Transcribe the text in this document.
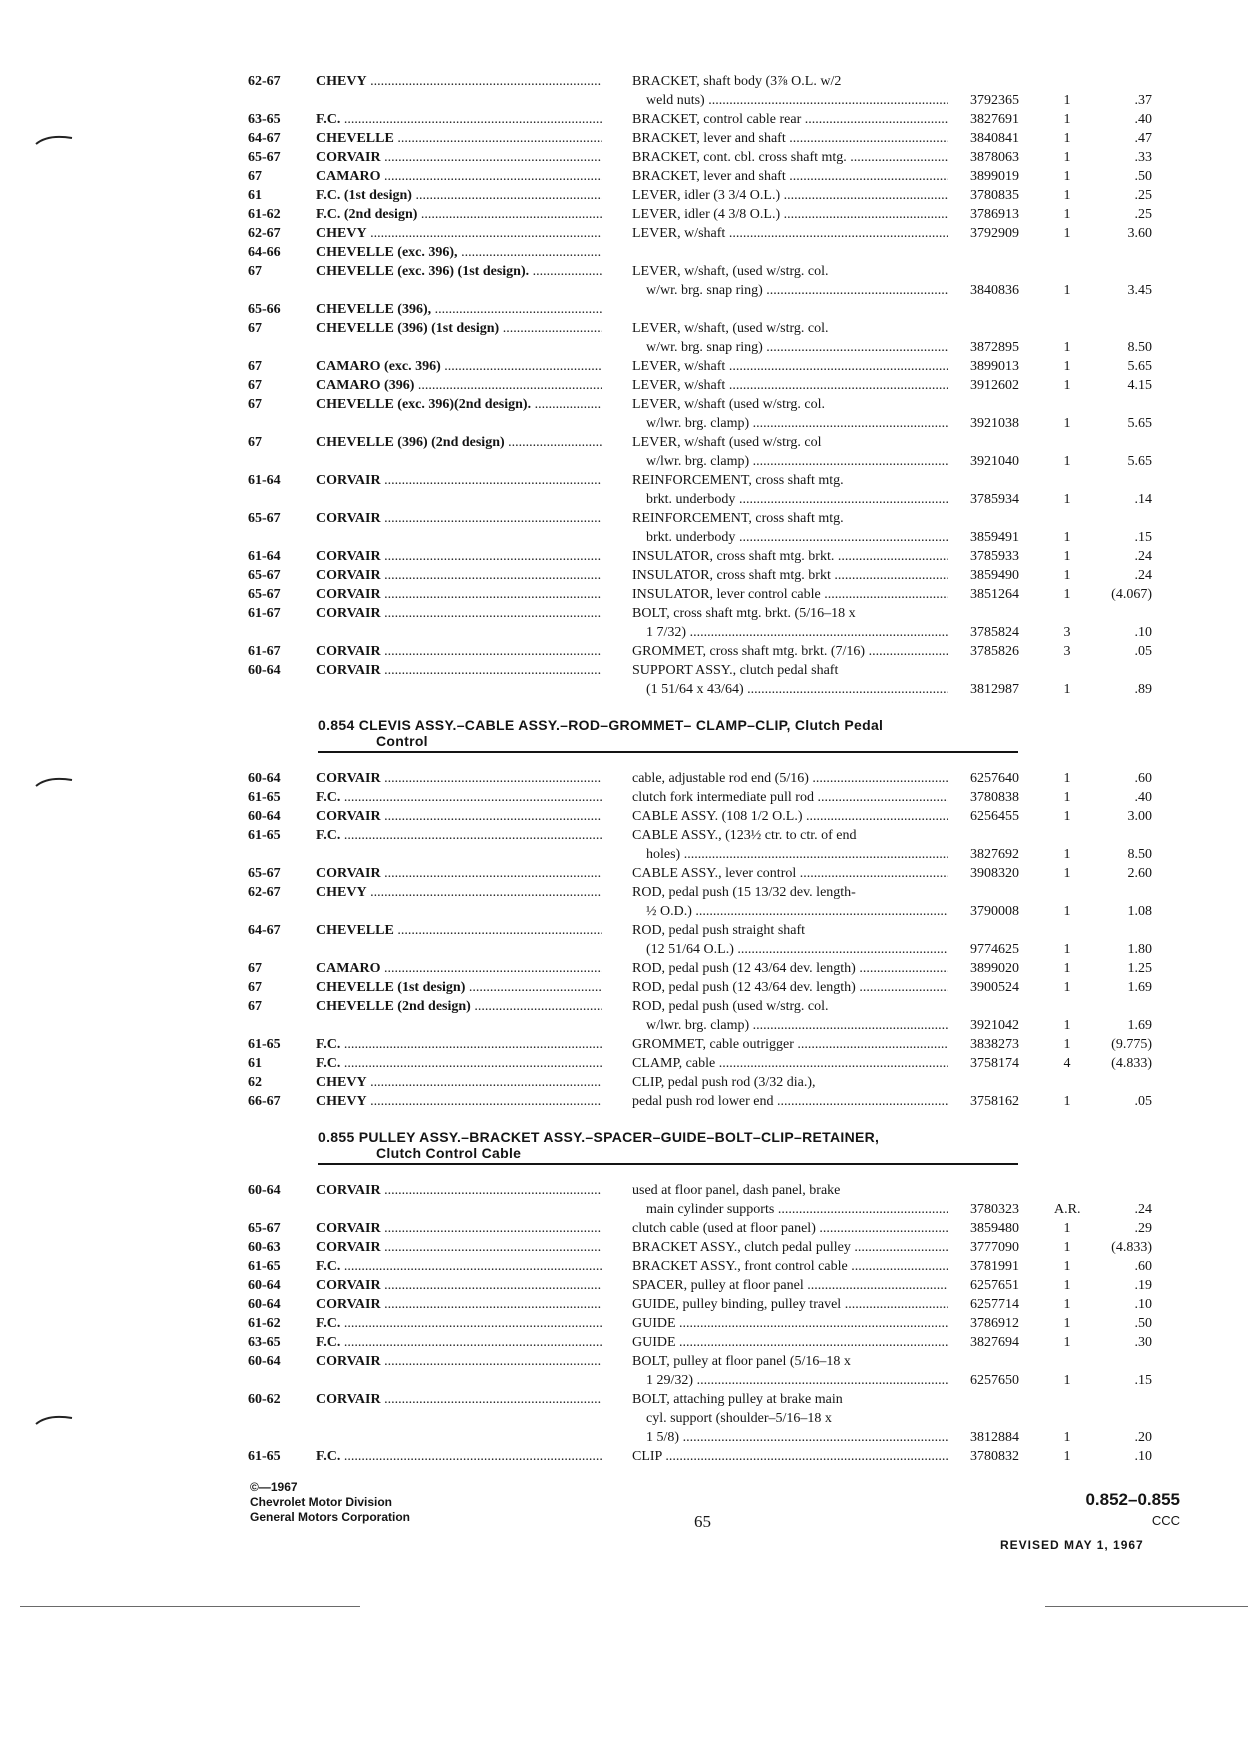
62-67	CHEVY .....	BRACKET, shaft body (3⅞ O.L. w/2
weld nuts) .....	3792365	1	.37
63-65	F.C. .....	BRACKET, control cable rear .....	3827691	1	.40
64-67	CHEVELLE .....	BRACKET, lever and shaft .....	3840841	1	.47
65-67	CORVAIR .....	BRACKET, cont. cbl. cross shaft mtg. .....	3878063	1	.33
67	CAMARO .....	BRACKET, lever and shaft .....	3899019	1	.50
61	F.C. (1st design) .....	LEVER, idler (3 3/4 O.L.) .....	3780835	1	.25
61-62	F.C. (2nd design) .....	LEVER, idler (4 3/8 O.L.) .....	3786913	1	.25
62-67	CHEVY .....	LEVER, w/shaft .....	3792909	1	3.60
64-66	CHEVELLE (exc. 396), .....
67	CHEVELLE (exc. 396) (1st design). .....	LEVER, w/shaft, (used w/strg. col.
w/wr. brg. snap ring) .....	3840836	1	3.45
65-66	CHEVELLE (396), .....
67	CHEVELLE (396) (1st design) .....	LEVER, w/shaft, (used w/strg. col.
w/wr. brg. snap ring) .....	3872895	1	8.50
67	CAMARO (exc. 396) .....	LEVER, w/shaft .....	3899013	1	5.65
67	CAMARO (396) .....	LEVER, w/shaft .....	3912602	1	4.15
67	CHEVELLE (exc. 396)(2nd design). .....	LEVER, w/shaft (used w/strg. col.
w/lwr. brg. clamp) .....	3921038	1	5.65
67	CHEVELLE (396) (2nd design) .....	LEVER, w/shaft (used w/strg. col
w/lwr. brg. clamp) .....	3921040	1	5.65
61-64	CORVAIR .....	REINFORCEMENT, cross shaft mtg.
brkt. underbody .....	3785934	1	.14
65-67	CORVAIR .....	REINFORCEMENT, cross shaft mtg.
brkt. underbody .....	3859491	1	.15
61-64	CORVAIR .....	INSULATOR, cross shaft mtg. brkt. .....	3785933	1	.24
65-67	CORVAIR .....	INSULATOR, cross shaft mtg. brkt .....	3859490	1	.24
65-67	CORVAIR .....	INSULATOR, lever control cable .....	3851264	1	(4.067)
61-67	CORVAIR .....	BOLT, cross shaft mtg. brkt. (5/16–18 x
1 7/32) .....	3785824	3	.10
61-67	CORVAIR .....	GROMMET, cross shaft mtg. brkt. (7/16) .....	3785826	3	.05
60-64	CORVAIR .....	SUPPORT ASSY., clutch pedal shaft
(1 51/64 x 43/64) .....	3812987	1	.89
0.854 CLEVIS ASSY.–CABLE ASSY.–ROD–GROMMET– CLAMP–CLIP, Clutch Pedal
Control
60-64	CORVAIR .....	cable, adjustable rod end (5/16) .....	6257640	1	.60
61-65	F.C. .....	clutch fork intermediate pull rod .....	3780838	1	.40
60-64	CORVAIR .....	CABLE ASSY. (108 1/2 O.L.) .....	6256455	1	3.00
61-65	F.C. .....	CABLE ASSY., (123½ ctr. to ctr. of end
holes) .....	3827692	1	8.50
65-67	CORVAIR .....	CABLE ASSY., lever control .....	3908320	1	2.60
62-67	CHEVY .....	ROD, pedal push (15 13/32 dev. length-
½ O.D.) .....	3790008	1	1.08
64-67	CHEVELLE .....	ROD, pedal push straight shaft
(12 51/64 O.L.) .....	9774625	1	1.80
67	CAMARO .....	ROD, pedal push (12 43/64 dev. length) .....	3899020	1	1.25
67	CHEVELLE (1st design) .....	ROD, pedal push (12 43/64 dev. length) .....	3900524	1	1.69
67	CHEVELLE (2nd design) .....	ROD, pedal push (used w/strg. col.
w/lwr. brg. clamp) .....	3921042	1	1.69
61-65	F.C. .....	GROMMET, cable outrigger .....	3838273	1	(9.775)
61	F.C. .....	CLAMP, cable .....	3758174	4	(4.833)
62	CHEVY .....	CLIP, pedal push rod (3/32 dia.),
66-67	CHEVY .....	pedal push rod lower end .....	3758162	1	.05
0.855 PULLEY ASSY.–BRACKET ASSY.–SPACER–GUIDE–BOLT–CLIP–RETAINER,
Clutch Control Cable
60-64	CORVAIR .....	used at floor panel, dash panel, brake
main cylinder supports .....	3780323	A.R.	.24
65-67	CORVAIR .....	clutch cable (used at floor panel) .....	3859480	1	.29
60-63	CORVAIR .....	BRACKET ASSY., clutch pedal pulley .....	3777090	1	(4.833)
61-65	F.C. .....	BRACKET ASSY., front control cable .....	3781991	1	.60
60-64	CORVAIR .....	SPACER, pulley at floor panel .....	6257651	1	.19
60-64	CORVAIR .....	GUIDE, pulley binding, pulley travel .....	6257714	1	.10
61-62	F.C. .....	GUIDE .....	3786912	1	.50
63-65	F.C. .....	GUIDE .....	3827694	1	.30
60-64	CORVAIR .....	BOLT, pulley at floor panel (5/16–18 x
1 29/32) .....	6257650	1	.15
60-62	CORVAIR .....	BOLT, attaching pulley at brake main
cyl. support (shoulder–5/16–18 x
1 5/8) .....	3812884	1	.20
61-65	F.C. .....	CLIP .....	3780832	1	.10
©—1967
Chevrolet Motor Division
General Motors Corporation	65
0.852–0.855
CCC
REVISED MAY 1, 1967
